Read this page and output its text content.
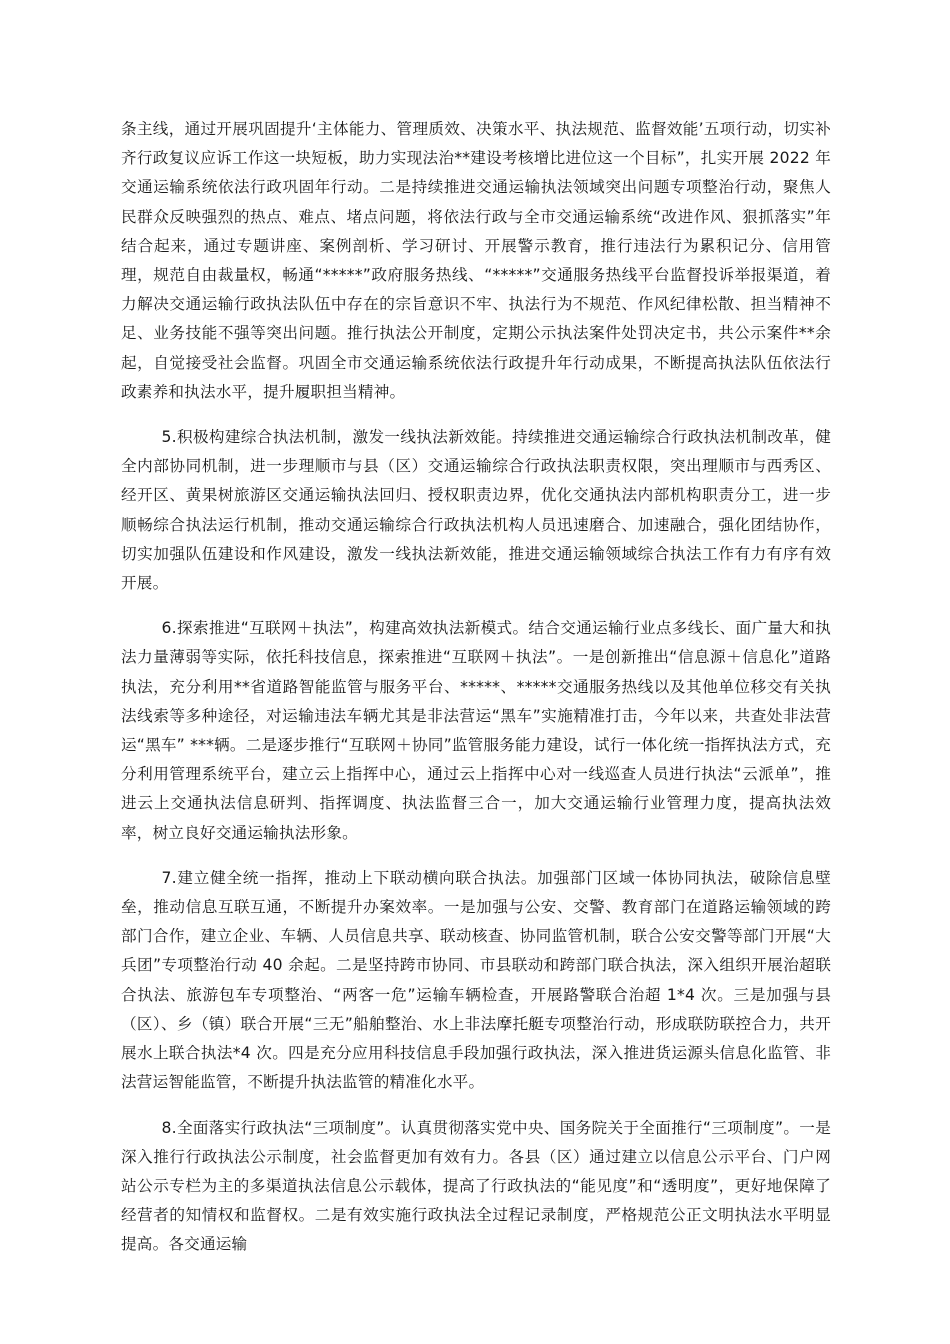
条主线，通过开展巩固提升‘主体能力、管理质效、决策水平、执法规范、监督效能’五项行动，切实补齐行政复议应诉工作这一块短板，助力实现法治**建设考核增比进位这一个目标”，扎实开展 2022 年交通运输系统依法行政巩固年行动。二是持续推进交通运输执法领域突出问题专项整治行动，聚焦人民群众反映强烈的热点、难点、堵点问题，将依法行政与全市交通运输系统“改进作风、狠抓落实”年结合起来，通过专题讲座、案例剖析、学习研讨、开展警示教育，推行违法行为累积记分、信用管理，规范自由裁量权，畅通“*****”政府服务热线、“*****”交通服务热线平台监督投诉举报渠道，着力解决交通运输行政执法队伍中存在的宗旨意识不牢、执法行为不规范、作风纪律松散、担当精神不足、业务技能不强等突出问题。推行执法公开制度，定期公示执法案件处罚决定书，共公示案件**余起，自觉接受社会监督。巩固全市交通运输系统依法行政提升年行动成果，不断提高执法队伍依法行政素养和执法水平，提升履职担当精神。

5.积极构建综合执法机制，激发一线执法新效能。持续推进交通运输综合行政执法机制改革，健全内部协同机制，进一步理顺市与县（区）交通运输综合行政执法职责权限，突出理顺市与西秀区、经开区、黄果树旅游区交通运输执法回归、授权职责边界，优化交通执法内部机构职责分工，进一步顺畅综合执法运行机制，推动交通运输综合行政执法机构人员迅速磨合、加速融合，强化团结协作，切实加强队伍建设和作风建设，激发一线执法新效能，推进交通运输领域综合执法工作有力有序有效开展。

6.探索推进“互联网＋执法”，构建高效执法新模式。结合交通运输行业点多线长、面广量大和执法力量薄弱等实际，依托科技信息，探索推进“互联网＋执法”。一是创新推出“信息源＋信息化”道路执法，充分利用**省道路智能监管与服务平台、*****、*****交通服务热线以及其他单位移交有关执法线索等多种途径，对运输违法车辆尤其是非法营运“黑车”实施精准打击，今年以来，共查处非法营运“黑车” ***辆。二是逐步推行“互联网＋协同”监管服务能力建设，试行一体化统一指挥执法方式，充分利用管理系统平台，建立云上指挥中心，通过云上指挥中心对一线巡查人员进行执法“云派单”，推进云上交通执法信息研判、指挥调度、执法监督三合一，加大交通运输行业管理力度，提高执法效率，树立良好交通运输执法形象。

7.建立健全统一指挥，推动上下联动横向联合执法。加强部门区域一体协同执法，破除信息壁垒，推动信息互联互通，不断提升办案效率。一是加强与公安、交警、教育部门在道路运输领域的跨部门合作，建立企业、车辆、人员信息共享、联动核查、协同监管机制，联合公安交警等部门开展“大兵团”专项整治行动 40 余起。二是坚持跨市协同、市县联动和跨部门联合执法，深入组织开展治超联合执法、旅游包车专项整治、“两客一危”运输车辆检查，开展路警联合治超 1*4 次。三是加强与县（区）、乡（镇）联合开展“三无”船舶整治、水上非法摩托艇专项整治行动，形成联防联控合力，共开展水上联合执法*4 次。四是充分应用科技信息手段加强行政执法，深入推进货运源头信息化监管、非法营运智能监管，不断提升执法监管的精准化水平。

8.全面落实行政执法“三项制度”。认真贯彻落实党中央、国务院关于全面推行“三项制度”。一是深入推行行政执法公示制度，社会监督更加有效有力。各县（区）通过建立以信息公示平台、门户网站公示专栏为主的多渠道执法信息公示载体，提高了行政执法的“能见度”和“透明度”，更好地保障了经营者的知情权和监督权。二是有效实施行政执法全过程记录制度，严格规范公正文明执法水平明显提高。各交通运输
